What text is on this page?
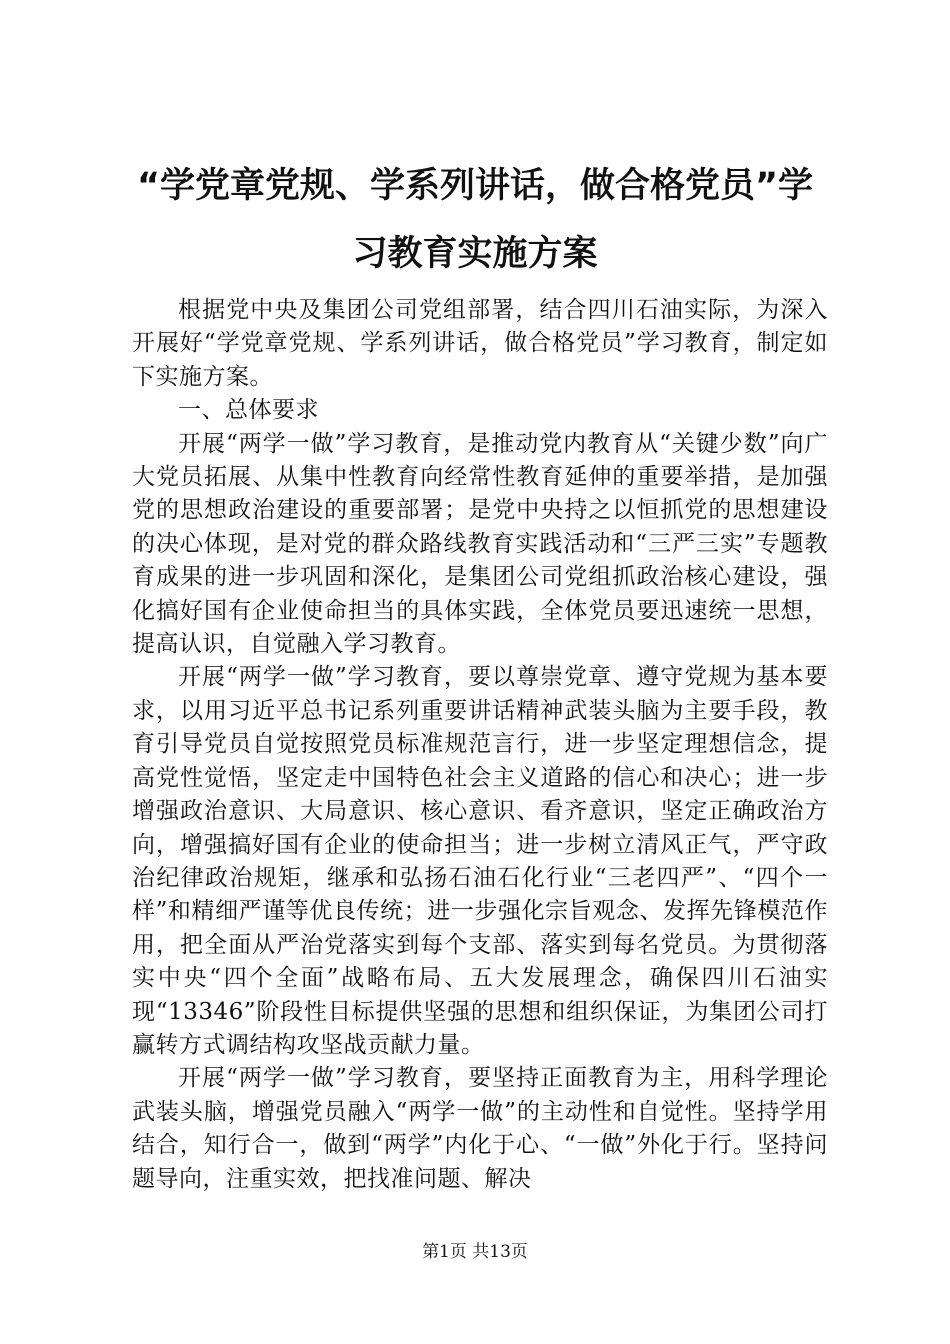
“学党章党规、学系列讲话，做合格党员”学习教育实施方案

根据党中央及集团公司党组部署，结合四川石油实际，为深入开展好“学党章党规、学系列讲话，做合格党员”学习教育，制定如下实施方案。

一、总体要求

开展“两学一做”学习教育，是推动党内教育从“关键少数”向广大党员拓展、从集中性教育向经常性教育延伸的重要举措，是加强党的思想政治建设的重要部署；是党中央持之以恒抓党的思想建设的决心体现，是对党的群众路线教育实践活动和“三严三实”专题教育成果的进一步巩固和深化，是集团公司党组抓政治核心建设，强化搞好国有企业使命担当的具体实践，全体党员要迅速统一思想，提高认识，自觉融入学习教育。

开展“两学一做”学习教育，要以尊崇党章、遵守党规为基本要求，以用习近平总书记系列重要讲话精神武装头脑为主要手段，教育引导党员自觉按照党员标准规范言行，进一步坚定理想信念，提高党性觉悟，坚定走中国特色社会主义道路的信心和决心；进一步增强政治意识、大局意识、核心意识、看齐意识，坚定正确政治方向，增强搞好国有企业的使命担当；进一步树立清风正气，严守政治纪律政治规矩，继承和弘扬石油石化行业“三老四严”、“四个一样”和精细严谨等优良传统；进一步强化宗旨观念、发挥先锋模范作用，把全面从严治党落实到每个支部、落实到每名党员。为贯彻落实中央“四个全面”战略布局、五大发展理念，确保四川石油实现“13346”阶段性目标提供坚强的思想和组织保证，为集团公司打赢转方式调结构攻坚战贡献力量。

开展“两学一做”学习教育，要坚持正面教育为主，用科学理论武装头脑，增强党员融入“两学一做”的主动性和自觉性。坚持学用结合，知行合一，做到“两学”内化于心、“一做”外化于行。坚持问题导向，注重实效，把找准问题、解决

第1页 共13页
